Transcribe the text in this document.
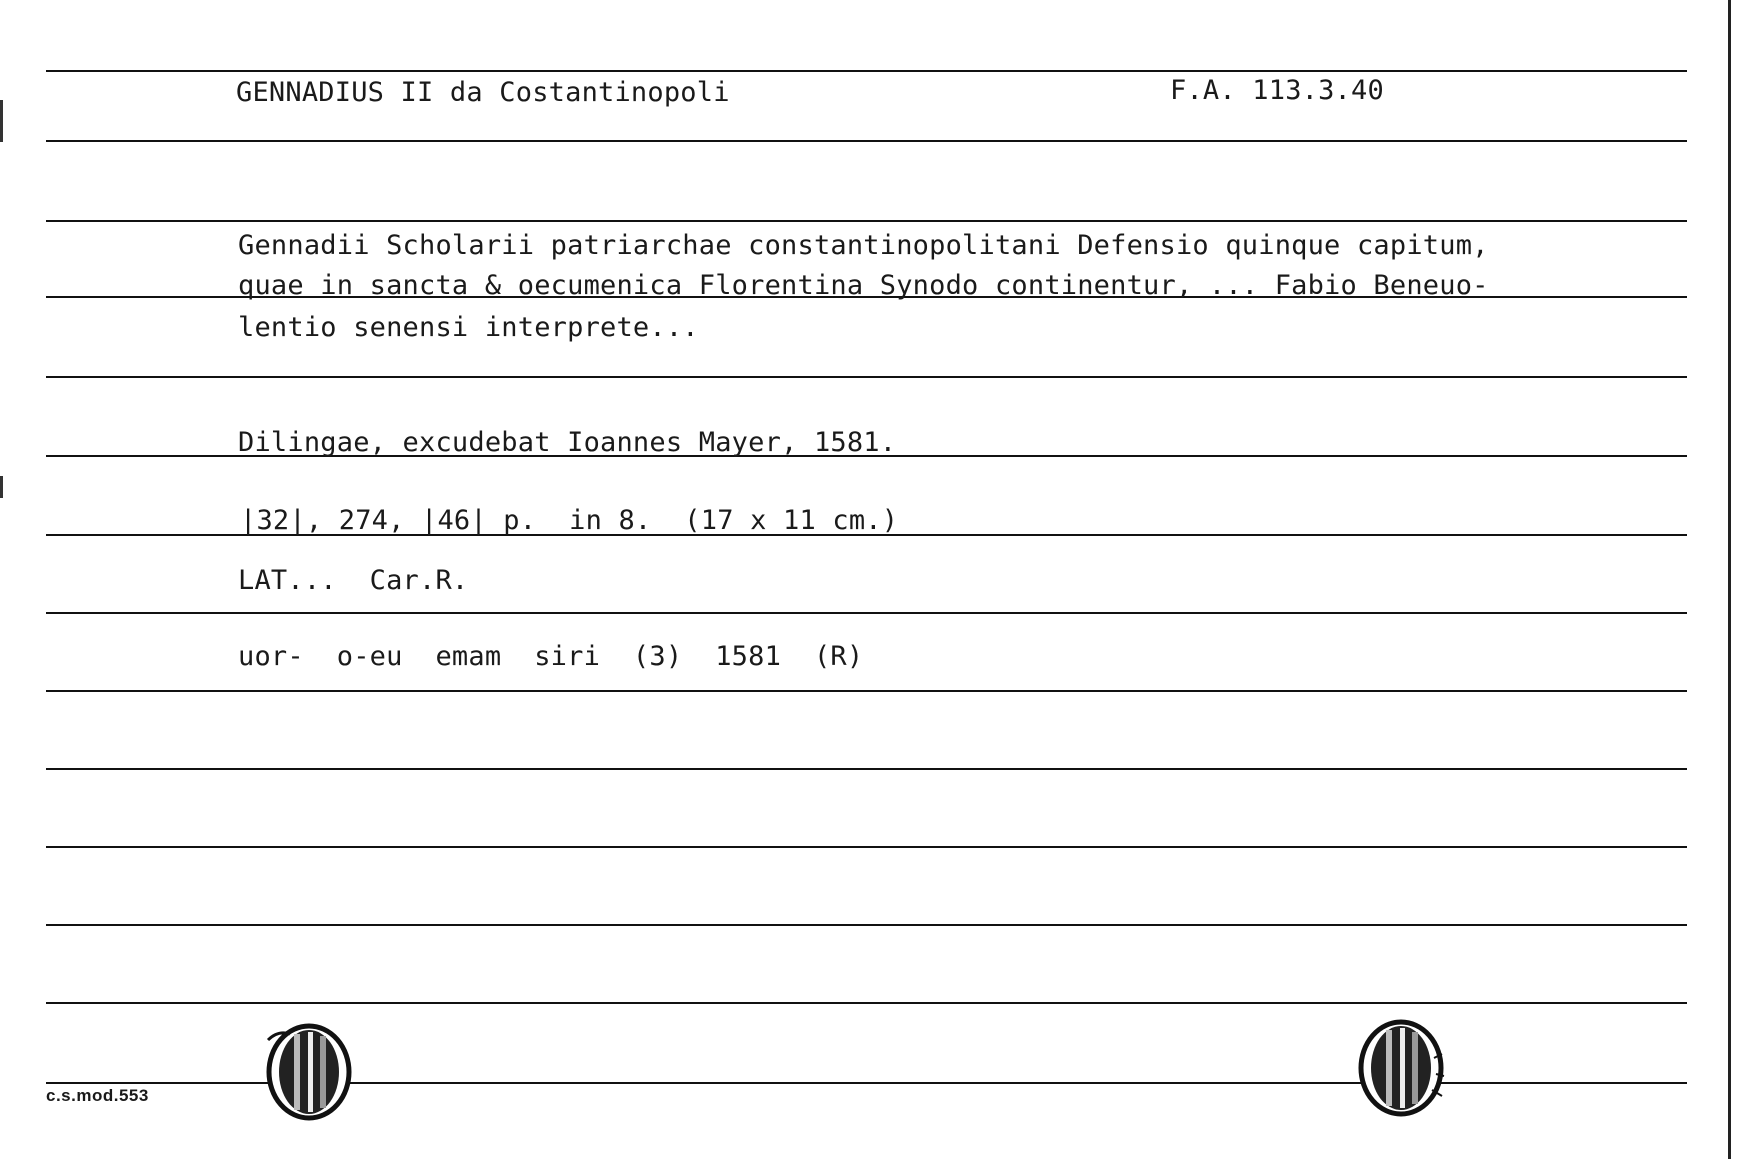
GENNADIUS II da Costantinopoli	F.A. 113.3.40
Gennadii Scholarii patriarchae constantinopolitani Defensio quinque capitum,
quae in sancta & oecumenica Florentina Synodo continentur, ... Fabio Beneuo-
lentio senensi interprete...
Dilingae, excudebat Ioannes Mayer, 1581.
|32|, 274, |46| p.  in 8.  (17 x 11 cm.)
LAT...  Car.R.
uor-  o-eu  emam  siri  (3)  1581  (R)
c.s.mod.553
